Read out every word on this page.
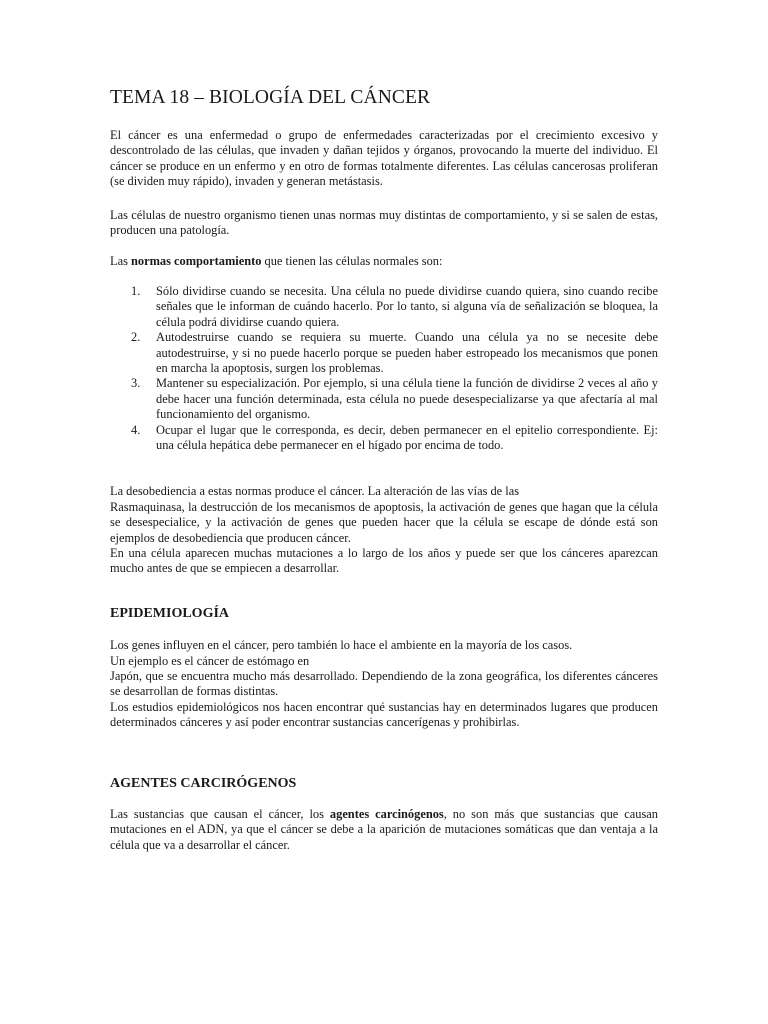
TEMA 18 – BIOLOGÍA DEL CÁNCER

El cáncer es una enfermedad o grupo de enfermedades caracterizadas por el crecimiento excesivo y descontrolado de las células, que invaden y dañan tejidos y órganos, provocando la muerte del individuo. El cáncer se produce en un enfermo y en otro de formas totalmente diferentes. Las células cancerosas proliferan (se dividen muy rápido), invaden y generan metástasis.

Las células de nuestro organismo tienen unas normas muy distintas de comportamiento, y si se salen de estas, producen una patología.

Las normas comportamiento que tienen las células normales son:

1. Sólo dividirse cuando se necesita. Una célula no puede dividirse cuando quiera, sino cuando recibe señales que le informan de cuándo hacerlo. Por lo tanto, si alguna vía de señalización se bloquea, la célula podrá dividirse cuando quiera.
2. Autodestruirse cuando se requiera su muerte. Cuando una célula ya no se necesite debe autodestruirse, y si no puede hacerlo porque se pueden haber estropeado los mecanismos que ponen en marcha la apoptosis, surgen los problemas.
3. Mantener su especialización. Por ejemplo, si una célula tiene la función de dividirse 2 veces al año y debe hacer una función determinada, esta célula no puede desespecializarse ya que afectaría al mal funcionamiento del organismo.
4. Ocupar el lugar que le corresponda, es decir, deben permanecer en el epitelio correspondiente. Ej: una célula hepática debe permanecer en el hígado por encima de todo.

La desobediencia a estas normas produce el cáncer. La alteración de las vías de las

Rasmaquinasa, la destrucción de los mecanismos de apoptosis, la activación de genes que hagan que la célula se desespecialice, y la activación de genes que pueden hacer que la célula se escape de dónde está son ejemplos de desobediencia que producen cáncer.

En una célula aparecen muchas mutaciones a lo largo de los años y puede ser que los cánceres aparezcan mucho antes de que se empiecen a desarrollar.

EPIDEMIOLOGÍA

Los genes influyen en el cáncer, pero también lo hace el ambiente en la mayoría de los casos.

Un ejemplo es el cáncer de estómago en

Japón, que se encuentra mucho más desarrollado. Dependiendo de la zona geográfica, los diferentes cánceres se desarrollan de formas distintas.

Los estudios epidemiológicos nos hacen encontrar qué sustancias hay en determinados lugares que producen determinados cánceres y así poder encontrar sustancias cancerígenas y prohibirlas.

AGENTES CARCIRÓGENOS

Las sustancias que causan el cáncer, los agentes carcinógenos, no son más que sustancias que causan mutaciones en el ADN, ya que el cáncer se debe a la aparición de mutaciones somáticas que dan ventaja a la célula que va a desarrollar el cáncer.
